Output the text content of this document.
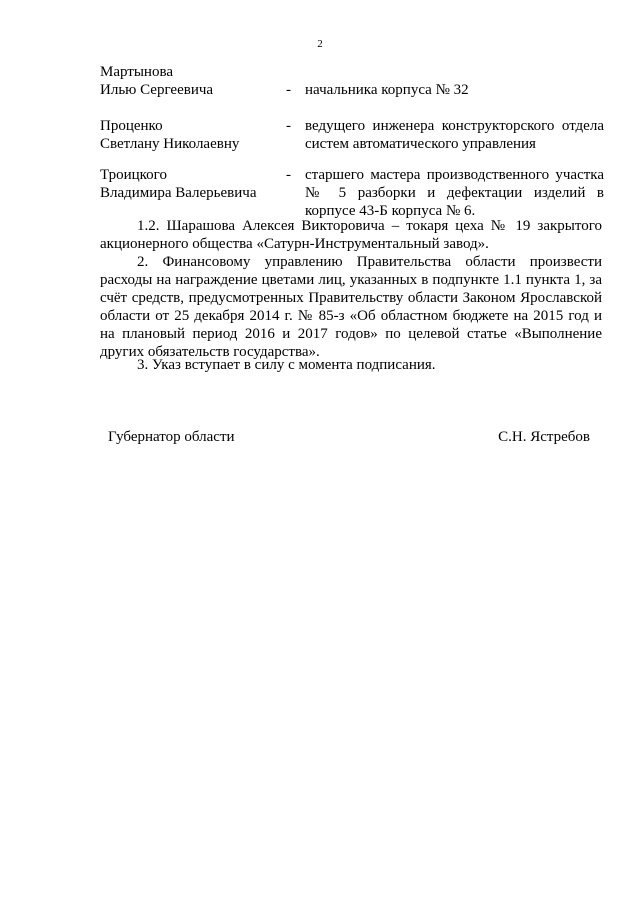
2
Мартынова
Илью Сергеевича	- начальника корпуса № 32
Проценко
Светлану Николаевну
- ведущего инженера конструкторского отдела
систем автоматического управления
Троицкого
Владимира Валерьевича
- старшего мастера производственного участка
№ 5 разборки и дефектации изделий в
корпусе 43-Б корпуса № 6.
1.2. Шарашова Алексея Викторовича – токаря цеха № 19 закрытого
акционерного общества «Сатурн-Инструментальный завод».
2. Финансовому управлению Правительства области произвести
расходы на награждение цветами лиц, указанных в подпункте 1.1 пункта 1, за
счёт средств, предусмотренных Правительству области Законом Ярославской
области от 25 декабря 2014 г. № 85-з «Об областном бюджете на 2015 год и
на плановый период 2016 и 2017 годов» по целевой статье «Выполнение
других обязательств государства».
3. Указ вступает в силу с момента подписания.
Губернатор области	С.Н. Ястребов
